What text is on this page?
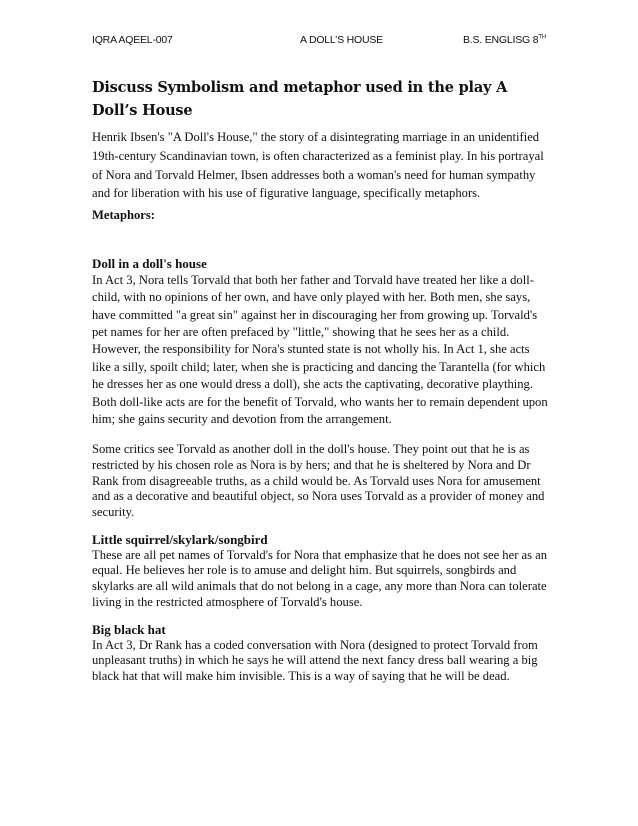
IQRA AQEEL-007	A DOLL’S HOUSE	B.S. ENGLISG 8TH
Discuss Symbolism and metaphor used in the play A Doll’s House

Henrik Ibsen's "A Doll's House," the story of a disintegrating marriage in an unidentified 19th-century Scandinavian town, is often characterized as a feminist play. In his portrayal of Nora and Torvald Helmer, Ibsen addresses both a woman's need for human sympathy and for liberation with his use of figurative language, specifically metaphors.

Metaphors:

Doll in a doll's house

In Act 3, Nora tells Torvald that both her father and Torvald have treated her like a doll-child, with no opinions of her own, and have only played with her. Both men, she says, have committed "a great sin" against her in discouraging her from growing up. Torvald's pet names for her are often prefaced by "little," showing that he sees her as a child. However, the responsibility for Nora's stunted state is not wholly his. In Act 1, she acts like a silly, spoilt child; later, when she is practicing and dancing the Tarantella (for which he dresses her as one would dress a doll), she acts the captivating, decorative plaything. Both doll-like acts are for the benefit of Torvald, who wants her to remain dependent upon him; she gains security and devotion from the arrangement.

Some critics see Torvald as another doll in the doll's house. They point out that he is as restricted by his chosen role as Nora is by hers; and that he is sheltered by Nora and Dr Rank from disagreeable truths, as a child would be. As Torvald uses Nora for amusement and as a decorative and beautiful object, so Nora uses Torvald as a provider of money and security.

Little squirrel/skylark/songbird

These are all pet names of Torvald's for Nora that emphasize that he does not see her as an equal. He believes her role is to amuse and delight him. But squirrels, songbirds and skylarks are all wild animals that do not belong in a cage, any more than Nora can tolerate living in the restricted atmosphere of Torvald's house.

Big black hat

In Act 3, Dr Rank has a coded conversation with Nora (designed to protect Torvald from unpleasant truths) in which he says he will attend the next fancy dress ball wearing a big black hat that will make him invisible. This is a way of saying that he will be dead.
